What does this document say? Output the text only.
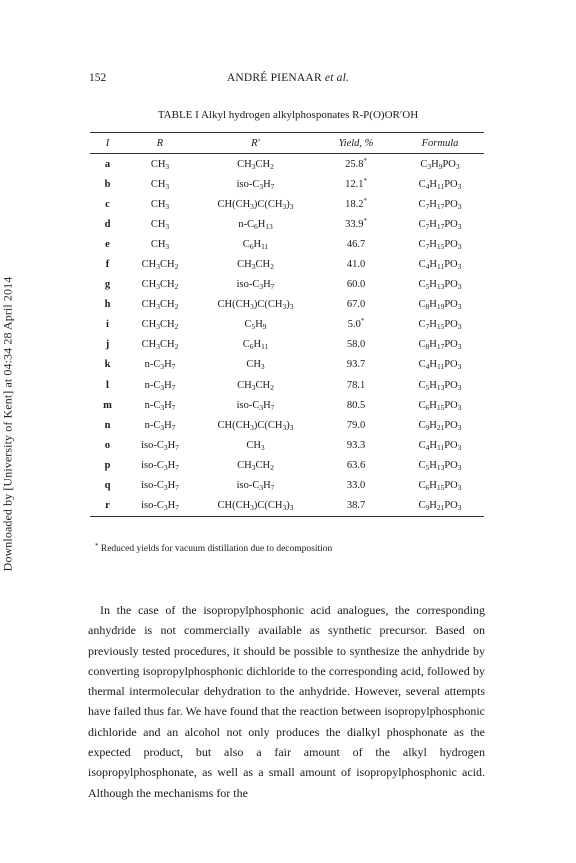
Downloaded by [University of Kent] at 04:34 28 April 2014
152	ANDRÉ PIENAAR et al.
TABLE I Alkyl hydrogen alkylphosponates R-P(O)OR′OH
I	R	R′	Yield, %	Formula
a	$CH_3$	$CH_3CH_2$	25.8*	$C_3H_9PO_3$
b	$CH_3$	iso-$C_3H_7$	12.1*	$C_4H_{11}PO_3$
c	$CH_3$	$CH(CH_3)C(CH_3)_3$	18.2*	$C_7H_{17}PO_3$
d	$CH_3$	$n-C_6H_{13}$	33.9*	$C_7H_{17}PO_3$
e	$CH_3$	$C_6H_{11}$	46.7	$C_7H_{15}PO_3$
f	$CH_3CH_2$	$CH_3CH_2$	41.0	$C_4H_{11}PO_3$
g	$CH_3CH_2$	iso-$C_3H_7$	60.0	$C_5H_{13}PO_3$
h	$CH_3CH_2$	$CH(CH_3)C(CH_3)_3$	67.0	$C_8H_{19}PO_3$
i	$CH_3CH_2$	$C_5H_9$	5.0*	$C_7H_{15}PO_3$
j	$CH_3CH_2$	$C_6H_{11}$	58.0	$C_8H_{17}PO_3$
k	$n-C_3H_7$	$CH_3$	93.7	$C_4H_{11}PO_3$
l	$n-C_3H_7$	$CH_3CH_2$	78.1	$C_5H_{13}PO_3$
m	$n-C_3H_7$	iso-$C_3H_7$	80.5	$C_6H_{15}PO_3$
n	$n-C_3H_7$	$CH(CH_3)C(CH_3)_3$	79.0	$C_9H_{21}PO_3$
o	iso-$C_3H_7$	$CH_3$	93.3	$C_4H_{11}PO_3$
p	iso-$C_3H_7$	$CH_3CH_2$	63.6	$C_5H_{13}PO_3$
q	iso-$C_3H_7$	iso-$C_3H_7$	33.0	$C_6H_{15}PO_3$
r	iso-$C_3H_7$	$CH(CH_3)C(CH_3)_3$	38.7	$C_9H_{21}PO_3$
* Reduced yields for vacuum distillation due to decomposition

In the case of the isopropylphosphonic acid analogues, the corresponding anhydride is not commercially available as synthetic precursor. Based on previously tested procedures, it should be possible to synthesize the anhydride by converting isopropylphosphonic dichloride to the corresponding acid, followed by thermal intermolecular dehydration to the anhydride. However, several attempts have failed thus far. We have found that the reaction between isopropylphosphonic dichloride and an alcohol not only produces the dialkyl phosphonate as the expected product, but also a fair amount of the alkyl hydrogen isopropylphosphonate, as well as a small amount of isopropylphosphonic acid. Although the mechanisms for the
